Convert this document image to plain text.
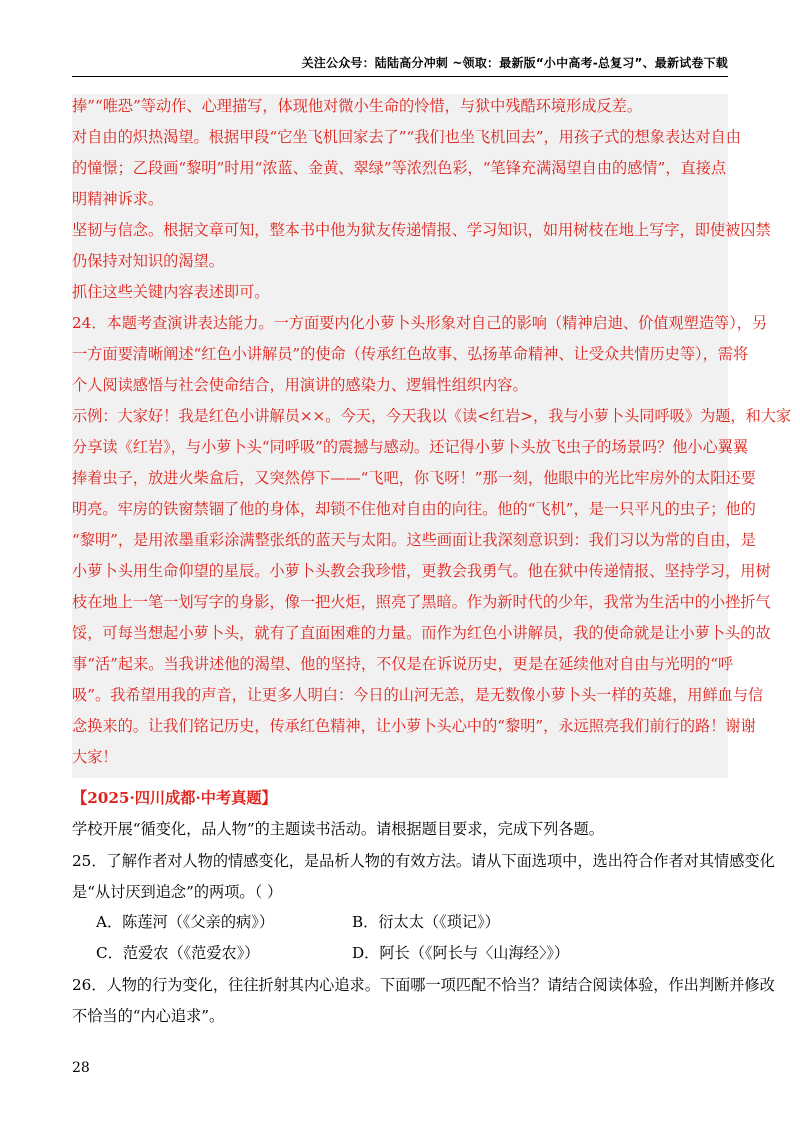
关注公众号：陆陆高分冲刺 ~领取：最新版“小中高考-总复习”、最新试卷下载
捧”“唯恐”等动作、心理描写，体现他对微小生命的怜惜，与狱中残酷环境形成反差。
对自由的炽热渴望。根据甲段“它坐飞机回家去了”“我们也坐飞机回去”，用孩子式的想象表达对自由
的憧憬；乙段画“黎明”时用“浓蓝、金黄、翠绿”等浓烈色彩，“笔锋充满渴望自由的感情”，直接点
明精神诉求。
坚韧与信念。根据文章可知，整本书中他为狱友传递情报、学习知识，如用树枝在地上写字，即使被囚禁
仍保持对知识的渴望。
抓住这些关键内容表述即可。
24．本题考查演讲表达能力。一方面要内化小萝卜头形象对自己的影响（精神启迪、价值观塑造等），另
一方面要清晰阐述“红色小讲解员”的使命（传承红色故事、弘扬革命精神、让受众共情历史等），需将
个人阅读感悟与社会使命结合，用演讲的感染力、逻辑性组织内容。
示例：大家好！我是红色小讲解员××。今天，今天我以《读<红岩>，我与小萝卜头同呼吸》为题，和大家
分享读《红岩》，与小萝卜头“同呼吸”的震撼与感动。还记得小萝卜头放飞虫子的场景吗？他小心翼翼
捧着虫子，放进火柴盒后，又突然停下——“飞吧，你飞呀！”那一刻，他眼中的光比牢房外的太阳还要
明亮。牢房的铁窗禁锢了他的身体，却锁不住他对自由的向往。他的“飞机”，是一只平凡的虫子；他的
“黎明”，是用浓墨重彩涂满整张纸的蓝天与太阳。这些画面让我深刻意识到：我们习以为常的自由，是
小萝卜头用生命仰望的星辰。小萝卜头教会我珍惜，更教会我勇气。他在狱中传递情报、坚持学习，用树
枝在地上一笔一划写字的身影，像一把火炬，照亮了黑暗。作为新时代的少年，我常为生活中的小挫折气
馁，可每当想起小萝卜头，就有了直面困难的力量。而作为红色小讲解员，我的使命就是让小萝卜头的故
事“活”起来。当我讲述他的渴望、他的坚持，不仅是在诉说历史，更是在延续他对自由与光明的“呼
吸”。我希望用我的声音，让更多人明白：今日的山河无恙，是无数像小萝卜头一样的英雄，用鲜血与信
念换来的。让我们铭记历史，传承红色精神，让小萝卜头心中的“黎明”，永远照亮我们前行的路！谢谢
大家！
【2025·四川成都·中考真题】
学校开展“循变化，品人物”的主题读书活动。请根据题目要求，完成下列各题。
25．了解作者对人物的情感变化，是品析人物的有效方法。请从下面选项中，选出符合作者对其情感变化
是“从讨厌到追念”的两项。（ ）
A．陈莲河（《父亲的病》）	B．衍太太（《琐记》）
C．范爱农（《范爱农》）	D．阿长（《阿长与〈山海经〉》）
26．人物的行为变化，往往折射其内心追求。下面哪一项匹配不恰当？请结合阅读体验，作出判断并修改
不恰当的“内心追求”。
28
